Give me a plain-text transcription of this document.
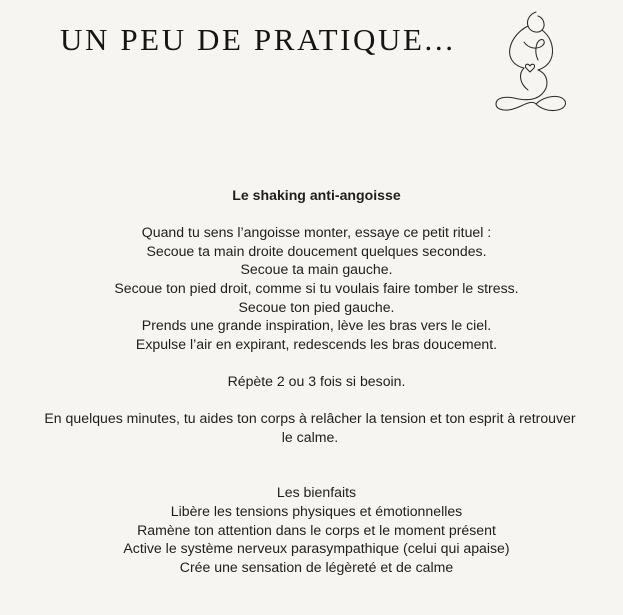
UN PEU DE PRATIQUE...

Le shaking anti-angoisse

Quand tu sens l’angoisse monter, essaye ce petit rituel :

Secoue ta main droite doucement quelques secondes.

Secoue ta main gauche.

Secoue ton pied droit, comme si tu voulais faire tomber le stress.

Secoue ton pied gauche.

Prends une grande inspiration, lève les bras vers le ciel.

Expulse l’air en expirant, redescends les bras doucement.

Répète 2 ou 3 fois si besoin.

En quelques minutes, tu aides ton corps à relâcher la tension et ton esprit à retrouver le calme.

Les bienfaits

Libère les tensions physiques et émotionnelles

Ramène ton attention dans le corps et le moment présent

Active le système nerveux parasympathique (celui qui apaise)

Crée une sensation de légèreté et de calme
